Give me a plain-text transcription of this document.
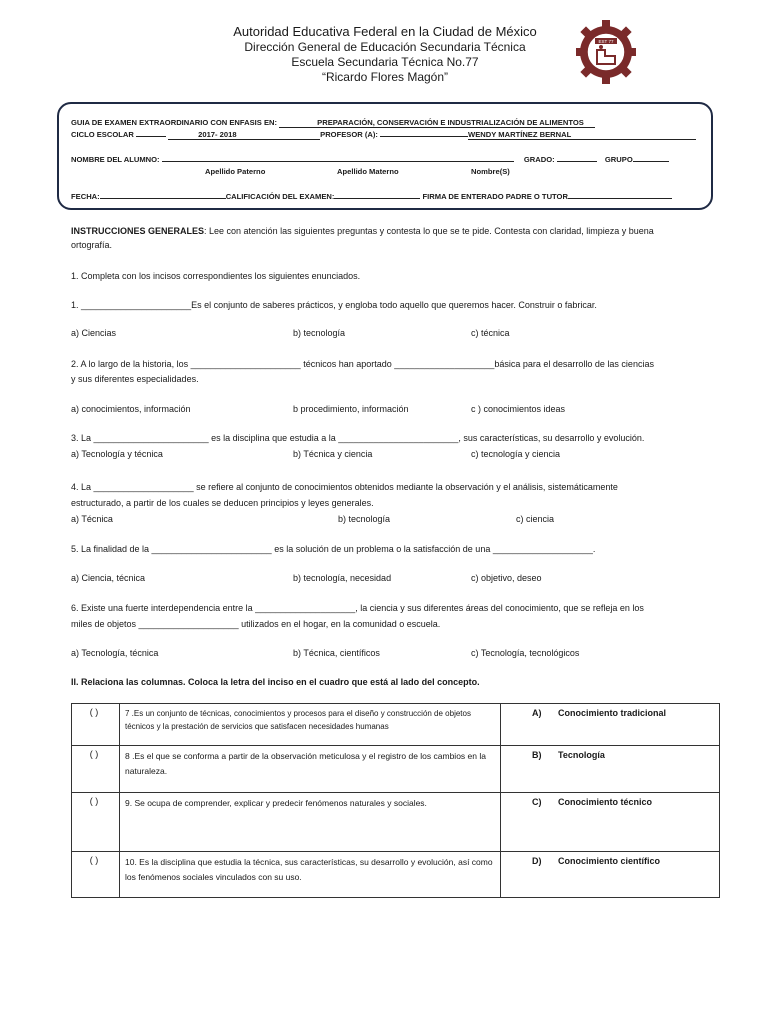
Autoridad Educativa Federal en la Ciudad de México
Dirección General de Educación Secundaria Técnica
Escuela Secundaria Técnica No.77
“Ricardo Flores Magón”
EST 77
GUIA DE EXAMEN EXTRAORDINARIO CON ENFASIS EN:	PREPARACIÓN, CONSERVACIÓN E INDUSTRIALIZACIÓN DE ALIMENTOS
CICLO ESCOLAR	2017- 2018	PROFESOR (A):	WENDY MARTÍNEZ BERNAL
NOMBRE DEL ALUMNO:	GRADO:	GRUPO
Apellido Paterno	Apellido Materno	Nombre(S)
FECHA:	CALIFICACIÓN DEL EXAMEN:	FIRMA DE ENTERADO PADRE O TUTOR
INSTRUCCIONES GENERALES: Lee con atención las siguientes preguntas y contesta lo que se te pide. Contesta con claridad, limpieza y buena
ortografía.
1. Completa con los incisos correspondientes los siguientes enunciados.
1. ______________________Es el conjunto de saberes prácticos, y engloba todo aquello que queremos hacer. Construir o fabricar.
a) Ciencias	b) tecnología	c) técnica
2. A lo largo de la historia, los ______________________ técnicos han aportado ____________________básica para el desarrollo de las ciencias
y sus diferentes especialidades.
a) conocimientos, información	b procedimiento, información	c ) conocimientos ideas
3. La _______________________ es la disciplina que estudia a la ________________________, sus características, su desarrollo y evolución.
a) Tecnología y técnica	b) Técnica y ciencia	c) tecnología y ciencia
4. La ____________________ se refiere al conjunto de conocimientos obtenidos mediante la observación y el análisis, sistemáticamente
estructurado, a partir de los cuales se deducen principios y leyes generales.
a) Técnica	b) tecnología	c) ciencia
5. La finalidad de la ________________________ es la solución de un problema o la satisfacción de una ____________________.
a) Ciencia, técnica	b) tecnología, necesidad	c) objetivo, deseo
6. Existe una fuerte interdependencia entre la ____________________, la ciencia y sus diferentes áreas del conocimiento, que se refleja en los
miles de objetos ____________________ utilizados en el hogar, en la comunidad o escuela.
a) Tecnología, técnica	b) Técnica, científicos	c) Tecnología, tecnológicos
II. Relaciona las columnas. Coloca la letra del inciso en el cuadro que está al lado del concepto.
( )	7 .Es un conjunto de técnicas, conocimientos y procesos para el diseño y construcción de objetos técnicos y la prestación de servicios que satisfacen necesidades humanas	A) Conocimiento tradicional
( )	8 .Es el que se conforma a partir de la observación meticulosa y el registro de los cambios en la naturaleza.	B) Tecnología
( )	9. Se ocupa de comprender, explicar y predecir fenómenos naturales y sociales.	C) Conocimiento técnico
( )	10. Es la disciplina que estudia la técnica, sus características, su desarrollo y evolución, así como los fenómenos sociales vinculados con su uso.	D) Conocimiento científico
